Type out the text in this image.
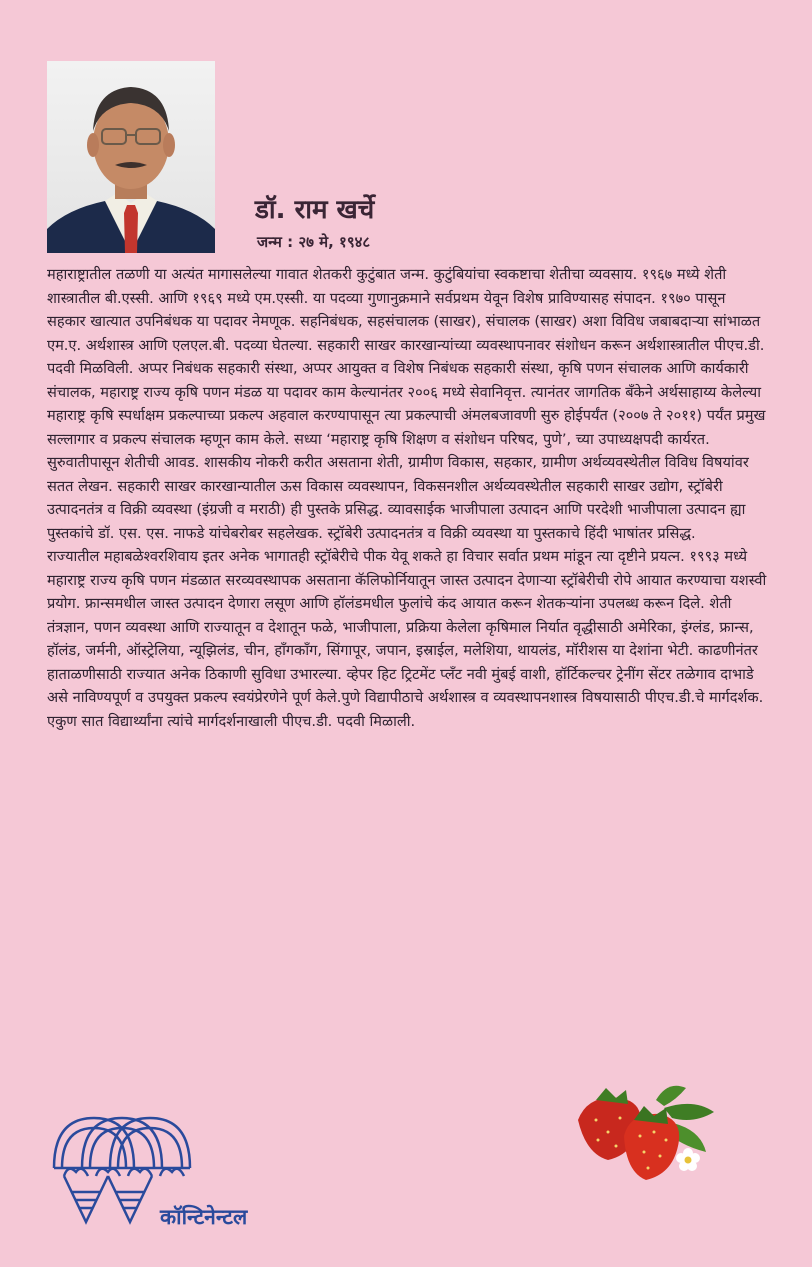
डॉ. राम खर्चे
जन्म : २७ मे, १९४८

महाराष्ट्रातील तळणी या अत्यंत मागासलेल्या गावात शेतकरी कुटुंबात जन्म. कुटुंबियांचा स्वकष्टाचा शेतीचा व्यवसाय. १९६७ मध्ये शेती शास्त्रातील बी.एस्सी. आणि १९६९ मध्ये एम.एस्सी. या पदव्या गुणानुक्रमाने सर्वप्रथम येवून विशेष प्राविण्यासह संपादन. १९७० पासून सहकार खात्यात उपनिबंधक या पदावर नेमणूक. सहनिबंधक, सहसंचालक (साखर), संचालक (साखर) अशा विविध जबाबदाऱ्या सांभाळत एम.ए. अर्थशास्त्र आणि एलएल.बी. पदव्या घेतल्या. सहकारी साखर कारखान्यांच्या व्यवस्थापनावर संशोधन करून अर्थशास्त्रातील पीएच.डी. पदवी मिळविली. अप्पर निबंधक सहकारी संस्था, अप्पर आयुक्त व विशेष निबंधक सहकारी संस्था, कृषि पणन संचालक आणि कार्यकारी संचालक, महाराष्ट्र राज्य कृषि पणन मंडळ या पदावर काम केल्यानंतर २००६ मध्ये सेवानिवृत्त. त्यानंतर जागतिक बँकेने अर्थसाहाय्य केलेल्या महाराष्ट्र कृषि स्पर्धाक्षम प्रकल्पाच्या प्रकल्प अहवाल करण्यापासून त्या प्रकल्पाची अंमलबजावणी सुरु होईपर्यंत (२००७ ते २०११) पर्यंत प्रमुख सल्लागार व प्रकल्प संचालक म्हणून काम केले. सध्या ‘महाराष्ट्र कृषि शिक्षण व संशोधन परिषद, पुणे’, च्या उपाध्यक्षपदी कार्यरत.

सुरुवातीपासून शेतीची आवड. शासकीय नोकरी करीत असताना शेती, ग्रामीण विकास, सहकार, ग्रामीण अर्थव्यवस्थेतील विविध विषयांवर सतत लेखन. सहकारी साखर कारखान्यातील ऊस विकास व्यवस्थापन, विकसनशील अर्थव्यवस्थेतील सहकारी साखर उद्योग, स्ट्रॉबेरी उत्पादनतंत्र व विक्री व्यवस्था (इंग्रजी व मराठी) ही पुस्तके प्रसिद्ध. व्यावसाईक भाजीपाला उत्पादन आणि परदेशी भाजीपाला उत्पादन ह्या पुस्तकांचे डॉ. एस. एस. नाफडे यांचेबरोबर सहलेखक. स्ट्रॉबेरी उत्पादनतंत्र व विक्री व्यवस्था या पुस्तकाचे हिंदी भाषांतर प्रसिद्ध.

राज्यातील महाबळेश्वरशिवाय इतर अनेक भागातही स्ट्रॉबेरीचे पीक येवू शकते हा विचार सर्वात प्रथम मांडून त्या दृष्टीने प्रयत्न. १९९३ मध्ये महाराष्ट्र राज्य कृषि पणन मंडळात सरव्यवस्थापक असताना कॅलिफोर्नियातून जास्त उत्पादन देणाऱ्या स्ट्रॉबेरीची रोपे आयात करण्याचा यशस्वी प्रयोग. फ्रान्समधील जास्त उत्पादन देणारा लसूण आणि हॉलंडमधील फुलांचे कंद आयात करून शेतकऱ्यांना उपलब्ध करून दिले. शेती तंत्रज्ञान, पणन व्यवस्था आणि राज्यातून व देशातून फळे, भाजीपाला, प्रक्रिया केलेला कृषिमाल निर्यात वृद्धीसाठी अमेरिका, इंग्लंड, फ्रान्स, हॉलंड, जर्मनी, ऑस्ट्रेलिया, न्यूझिलंड, चीन, हाँगकाँग, सिंगापूर, जपान, इस्राईल, मलेशिया, थायलंड, मॉरीशस या देशांना भेटी. काढणीनंतर हाताळणीसाठी राज्यात अनेक ठिकाणी सुविधा उभारल्या. व्हेपर हिट ट्रिटमेंट प्लँट नवी मुंबई वाशी, हॉर्टिकल्चर ट्रेनींग सेंटर तळेगाव दाभाडे असे नाविण्यपूर्ण व उपयुक्त प्रकल्प स्वयंप्रेरणेने पूर्ण केले.पुणे विद्यापीठाचे अर्थशास्त्र व व्यवस्थापनशास्त्र विषयासाठी पीएच.डी.चे मार्गदर्शक. एकुण सात विद्यार्थ्यांना त्यांचे मार्गदर्शनाखाली पीएच.डी. पदवी मिळाली.

कॉन्टिनेन्टल
